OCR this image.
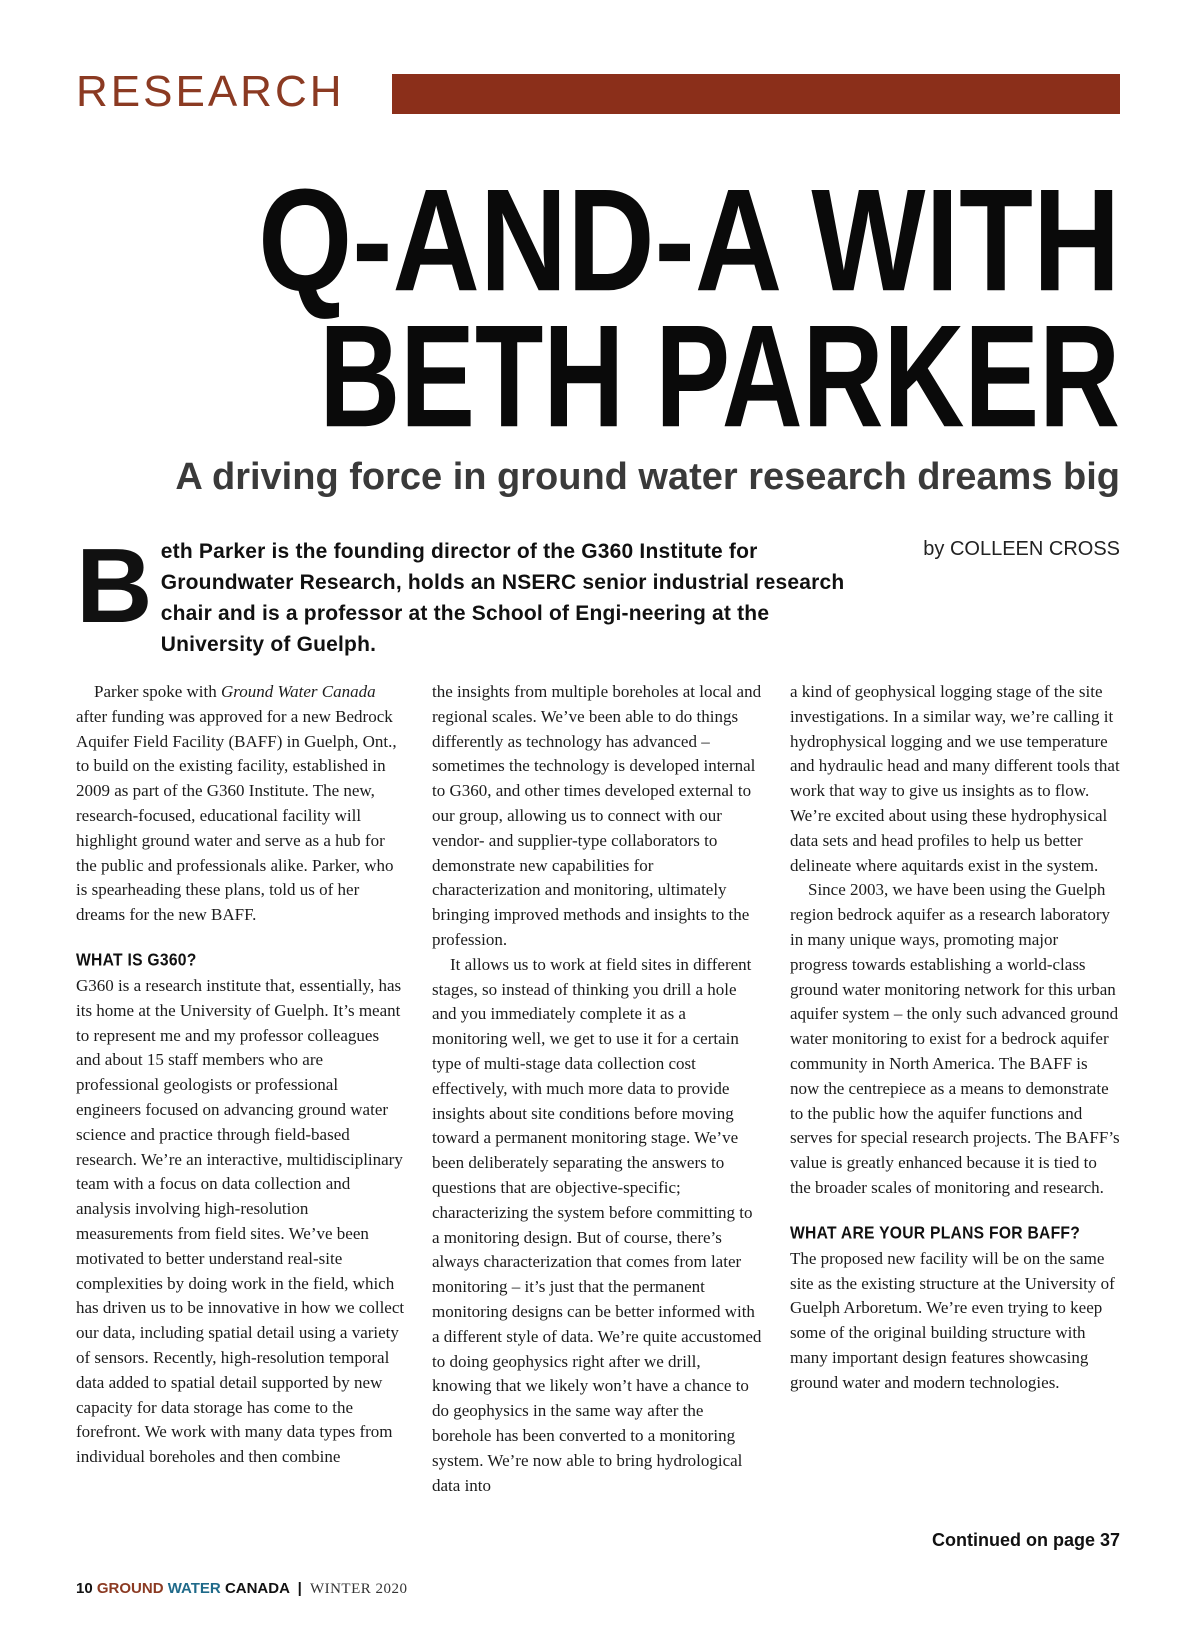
RESEARCH
Q-AND-A WITH
BETH PARKER
A driving force in ground water research dreams big
by COLLEEN CROSS
B eth Parker is the founding director of the G360 Institute for Groundwater Research, holds an NSERC senior industrial research chair and is a professor at the School of Engi-neering at the University of Guelph.

Parker spoke with Ground Water Canada after funding was approved for a new Bedrock Aquifer Field Facility (BAFF) in Guelph, Ont., to build on the existing facility, established in 2009 as part of the G360 Institute. The new, research-focused, educational facility will highlight ground water and serve as a hub for the public and professionals alike. Parker, who is spearheading these plans, told us of her dreams for the new BAFF.

WHAT IS G360?

G360 is a research institute that, essentially, has its home at the University of Guelph. It’s meant to represent me and my professor colleagues and about 15 staff members who are professional geologists or professional engineers focused on advancing ground water science and practice through field-based research. We’re an interactive, multidisciplinary team with a focus on data collection and analysis involving high-resolution measurements from field sites. We’ve been motivated to better understand real-site complexities by doing work in the field, which has driven us to be innovative in how we collect our data, including spatial detail using a variety of sensors. Recently, high-resolution temporal data added to spatial detail supported by new capacity for data storage has come to the forefront. We work with many data types from individual boreholes and then combine

the insights from multiple boreholes at local and regional scales. We’ve been able to do things differently as technology has advanced – sometimes the technology is developed internal to G360, and other times developed external to our group, allowing us to connect with our vendor- and supplier-type collaborators to demonstrate new capabilities for characterization and monitoring, ultimately bringing improved methods and insights to the profession.

It allows us to work at field sites in different stages, so instead of thinking you drill a hole and you immediately complete it as a monitoring well, we get to use it for a certain type of multi-stage data collection cost effectively, with much more data to provide insights about site conditions before moving toward a permanent monitoring stage. We’ve been deliberately separating the answers to questions that are objective-specific; characterizing the system before committing to a monitoring design. But of course, there’s always characterization that comes from later monitoring – it’s just that the permanent monitoring designs can be better informed with a different style of data. We’re quite accustomed to doing geophysics right after we drill, knowing that we likely won’t have a chance to do geophysics in the same way after the borehole has been converted to a monitoring system. We’re now able to bring hydrological data into

a kind of geophysical logging stage of the site investigations. In a similar way, we’re calling it hydrophysical logging and we use temperature and hydraulic head and many different tools that work that way to give us insights as to flow. We’re excited about using these hydrophysical data sets and head profiles to help us better delineate where aquitards exist in the system.

Since 2003, we have been using the Guelph region bedrock aquifer as a research laboratory in many unique ways, promoting major progress towards establishing a world-class ground water monitoring network for this urban aquifer system – the only such advanced ground water monitoring to exist for a bedrock aquifer community in North America. The BAFF is now the centrepiece as a means to demonstrate to the public how the aquifer functions and serves for special research projects. The BAFF’s value is greatly enhanced because it is tied to the broader scales of monitoring and research.

WHAT ARE YOUR PLANS FOR BAFF?

The proposed new facility will be on the same site as the existing structure at the University of Guelph Arboretum. We’re even trying to keep some of the original building structure with many important design features showcasing ground water and modern technologies.

Continued on page 37
10 GROUND WATER CANADA | WINTER 2020
